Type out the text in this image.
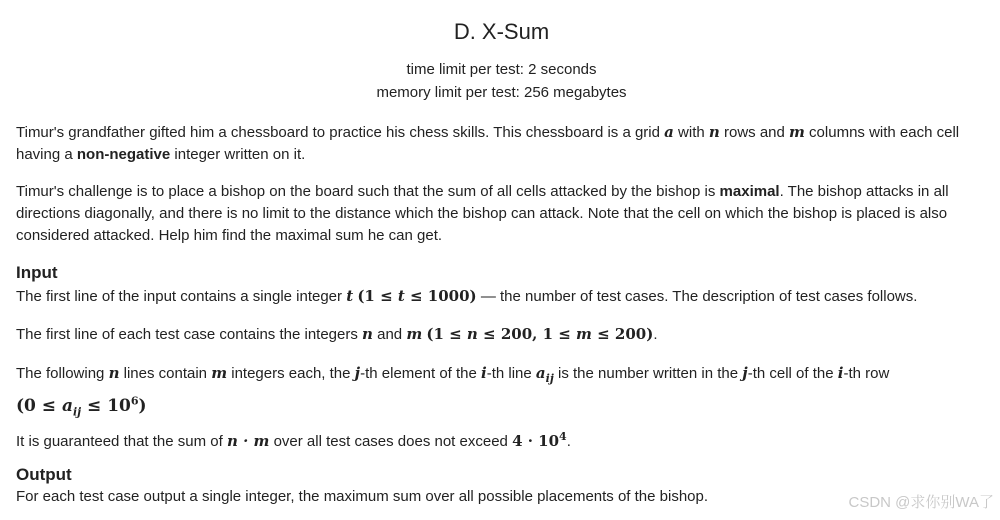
D. X-Sum
time limit per test: 2 seconds
memory limit per test: 256 megabytes
Timur's grandfather gifted him a chessboard to practice his chess skills. This chessboard is a grid a with n rows and m columns with each cell having a non-negative integer written on it.
Timur's challenge is to place a bishop on the board such that the sum of all cells attacked by the bishop is maximal. The bishop attacks in all directions diagonally, and there is no limit to the distance which the bishop can attack. Note that the cell on which the bishop is placed is also considered attacked. Help him find the maximal sum he can get.
Input
The first line of the input contains a single integer t (1 ≤ t ≤ 1000) — the number of test cases. The description of test cases follows.
The first line of each test case contains the integers n and m (1 ≤ n ≤ 200, 1 ≤ m ≤ 200).
The following n lines contain m integers each, the j-th element of the i-th line $a_{ij}$ is the number written in the j-th cell of the i-th row
$(0 \le a_{ij} \le 10^6)$
It is guaranteed that the sum of n · m over all test cases does not exceed $4 \cdot 10^4$.
Output
For each test case output a single integer, the maximum sum over all possible placements of the bishop.	CSDN @求你别WA了
